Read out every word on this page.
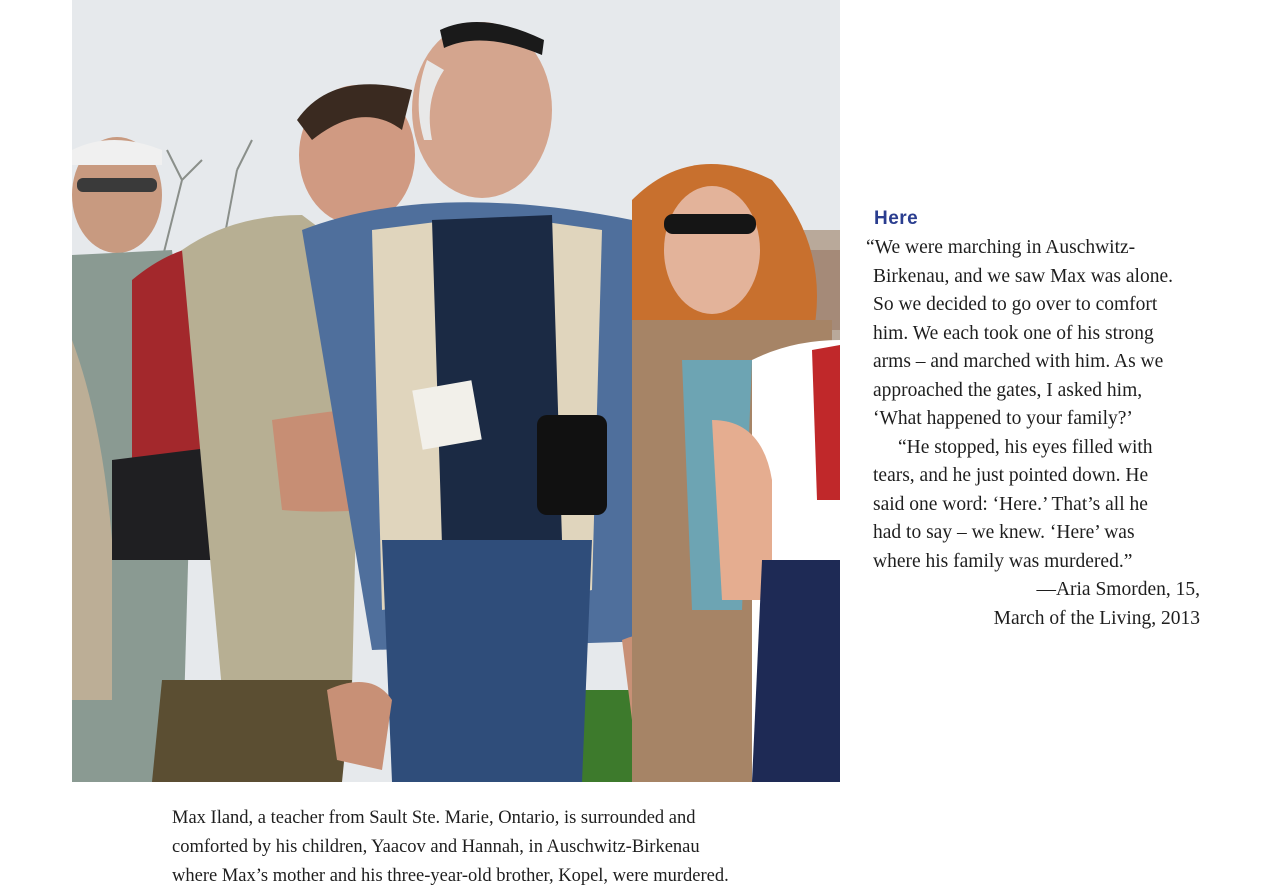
Max Iland, a teacher from Sault Ste. Marie, Ontario, is surrounded and
comforted by his children, Yaacov and Hannah, in Auschwitz-Birkenau
where Max’s mother and his three-year-old brother, Kopel, were murdered.
Here
“We were marching in Auschwitz-
Birkenau, and we saw Max was alone.
So we decided to go over to comfort
him. We each took one of his strong
arms – and marched with him. As we
approached the gates, I asked him,
‘What happened to your family?’
“He stopped, his eyes filled with
tears, and he just pointed down. He
said one word: ‘Here.’ That’s all he
had to say – we knew. ‘Here’ was
where his family was murdered.”
—Aria Smorden, 15,
March of the Living, 2013
